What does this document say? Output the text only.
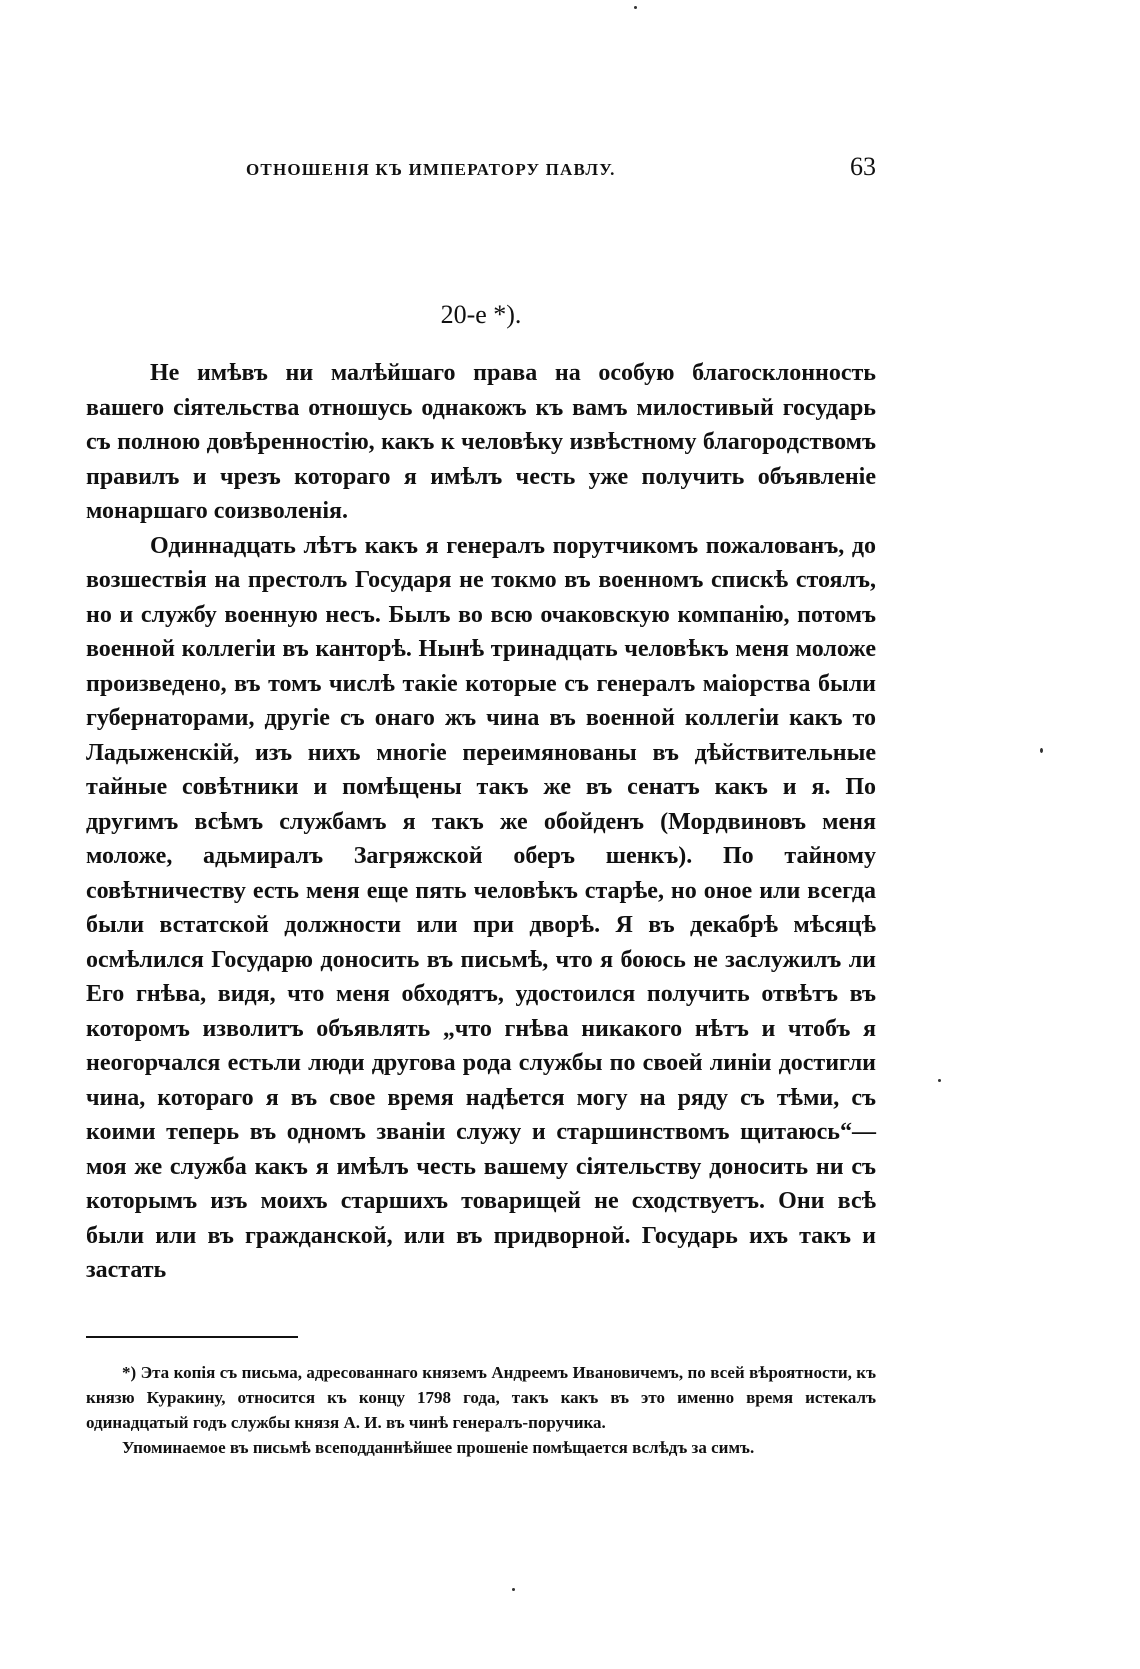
ОТНОШЕНІЯ КЪ ИМПЕРАТОРУ ПАВЛУ.	63
20-е *).

Не имѣвъ ни малѣйшаго права на особую благосклонность вашего сіятельства отношусь однакожъ къ вамъ милостивый государь съ полною довѣренностію, какъ к человѣку извѣстному благородствомъ правилъ и чрезъ котораго я имѣлъ честь уже получить объявленіе монаршаго соизволенія.

Одиннадцать лѣтъ какъ я генералъ порутчикомъ пожалованъ, до возшествія на престолъ Государя не токмо въ военномъ спискѣ стоялъ, но и службу военную несъ. Былъ во всю очаковскую компанію, потомъ военной коллегіи въ канторѣ. Нынѣ тринадцать человѣкъ меня моложе произведено, въ томъ числѣ такіе которые съ генералъ маіорства были губернаторами, другіе съ онаго жъ чина въ военной коллегіи какъ то Ладыженскій, изъ нихъ многіе переимянованы въ дѣйствительные тайные совѣтники и помѣщены такъ же въ сенатъ какъ и я. По другимъ всѣмъ службамъ я такъ же обойденъ (Мордвиновъ меня моложе, адьмиралъ Загряжской оберъ шенкъ). По тайному совѣтничеству есть меня еще пять человѣкъ старѣе, но оное или всегда были встатской должности или при дворѣ. Я въ декабрѣ мѣсяцѣ осмѣлился Государю доносить въ письмѣ, что я боюсь не заслужилъ ли Его гнѣва, видя, что меня обходятъ, удостоился получить отвѣтъ въ которомъ изволитъ объявлять „что гнѣва никакого нѣтъ и чтобъ я неогорчался естьли люди другова рода службы по своей линіи достигли чина, котораго я въ свое время надѣется могу на ряду съ тѣми, съ коими теперь въ одномъ званіи служу и старшинствомъ щитаюсь“—моя же служба какъ я имѣлъ честь вашему сіятельству доносить ни съ которымъ изъ моихъ старшихъ товарищей не сходствуетъ. Они всѣ были или въ гражданской, или въ придворной. Государь ихъ такъ и застать

*) Эта копія съ письма, адресованнаго княземъ Андреемъ Ивановичемъ, по всей вѣроятности, къ князю Куракину, относится къ концу 1798 года, такъ какъ въ это именно время истекалъ одинадцатый годъ службы князя А. И. въ чинѣ генералъ-поручика.

Упоминаемое въ письмѣ всеподданнѣйшее прошеніе помѣщается вслѣдъ за симъ.
